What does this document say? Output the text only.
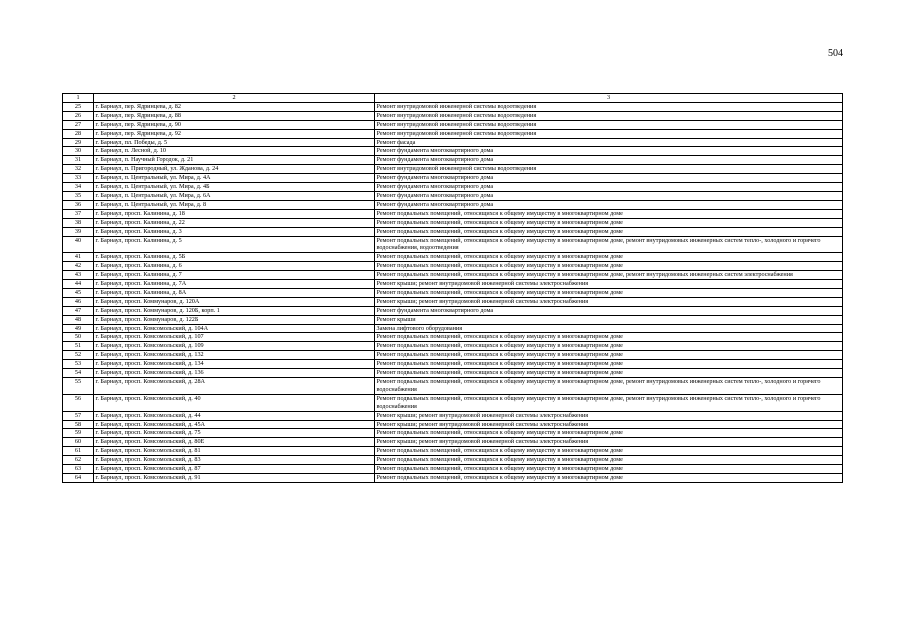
504
1	2	3
25	г. Барнаул, пер. Ядринцева, д. 82	Ремонт внутридомовой инженерной системы водоотведения
26	г. Барнаул, пер. Ядринцева, д. 88	Ремонт внутридомовой инженерной системы водоотведения
27	г. Барнаул, пер. Ядринцева, д. 90	Ремонт внутридомовой инженерной системы водоотведения
28	г. Барнаул, пер. Ядринцева, д. 92	Ремонт внутридомовой инженерной системы водоотведения
29	г. Барнаул, пл. Победы, д. 5	Ремонт фасада
30	г. Барнаул, п. Лесной, д. 10	Ремонт фундамента многоквартирного дома
31	г. Барнаул, п. Научный Городок, д. 21	Ремонт фундамента многоквартирного дома
32	г. Барнаул, п. Пригородный, ул. Жданова, д. 24	Ремонт внутридомовой инженерной системы водоотведения
33	г. Барнаул, п. Центральный, ул. Мира, д. 4А	Ремонт фундамента многоквартирного дома
34	г. Барнаул, п. Центральный, ул. Мира, д. 4Б	Ремонт фундамента многоквартирного дома
35	г. Барнаул, п. Центральный, ул. Мира, д. 6А	Ремонт фундамента многоквартирного дома
36	г. Барнаул, п. Центральный, ул. Мира, д. 8	Ремонт фундамента многоквартирного дома
37	г. Барнаул, просп. Калинина, д. 18	Ремонт подвальных помещений, относящихся к общему имуществу в многоквартирном доме
38	г. Барнаул, просп. Калинина, д. 22	Ремонт подвальных помещений, относящихся к общему имуществу в многоквартирном доме
39	г. Барнаул, просп. Калинина, д. 3	Ремонт подвальных помещений, относящихся к общему имуществу в многоквартирном доме
40	г. Барнаул, просп. Калинина, д. 5	Ремонт подвальных помещений, относящихся к общему имуществу в многоквартирном доме, ремонт внутридомовых инженерных систем тепло-, холодного и горячего водоснабжения, водоотведения
41	г. Барнаул, просп. Калинина, д. 5Б	Ремонт подвальных помещений, относящихся к общему имуществу в многоквартирном доме
42	г. Барнаул, просп. Калинина, д. 6	Ремонт подвальных помещений, относящихся к общему имуществу в многоквартирном доме
43	г. Барнаул, просп. Калинина, д. 7	Ремонт подвальных помещений, относящихся к общему имуществу в многоквартирном доме, ремонт внутридомовых инженерных систем электроснабжения
44	г. Барнаул, просп. Калинина, д. 7А	Ремонт крыши; ремонт внутридомовой инженерной системы электроснабжения
45	г. Барнаул, просп. Калинина, д. 8А	Ремонт подвальных помещений, относящихся к общему имуществу в многоквартирном доме
46	г. Барнаул, просп. Коммунаров, д. 120А	Ремонт крыши; ремонт внутридомовой инженерной системы электроснабжения
47	г. Барнаул, просп. Коммунаров, д. 120Б, корп. 1	Ремонт фундамента многоквартирного дома
48	г. Барнаул, просп. Коммунаров, д. 122Б	Ремонт крыши
49	г. Барнаул, просп. Комсомольский, д. 104А	Замена лифтового оборудования
50	г. Барнаул, просп. Комсомольский, д. 107	Ремонт подвальных помещений, относящихся к общему имуществу в многоквартирном доме
51	г. Барнаул, просп. Комсомольский, д. 109	Ремонт подвальных помещений, относящихся к общему имуществу в многоквартирном доме
52	г. Барнаул, просп. Комсомольский, д. 132	Ремонт подвальных помещений, относящихся к общему имуществу в многоквартирном доме
53	г. Барнаул, просп. Комсомольский, д. 134	Ремонт подвальных помещений, относящихся к общему имуществу в многоквартирном доме
54	г. Барнаул, просп. Комсомольский, д. 136	Ремонт подвальных помещений, относящихся к общему имуществу в многоквартирном доме
55	г. Барнаул, просп. Комсомольский, д. 28А	Ремонт подвальных помещений, относящихся к общему имуществу в многоквартирном доме, ремонт внутридомовых инженерных систем тепло-, холодного и горячего водоснабжения
56	г. Барнаул, просп. Комсомольский, д. 40	Ремонт подвальных помещений, относящихся к общему имуществу в многоквартирном доме, ремонт внутридомовых инженерных систем тепло-, холодного и горячего водоснабжения
57	г. Барнаул, просп. Комсомольский, д. 44	Ремонт крыши; ремонт внутридомовой инженерной системы электроснабжения
58	г. Барнаул, просп. Комсомольский, д. 45А	Ремонт крыши; ремонт внутридомовой инженерной системы электроснабжения
59	г. Барнаул, просп. Комсомольский, д. 75	Ремонт подвальных помещений, относящихся к общему имуществу в многоквартирном доме
60	г. Барнаул, просп. Комсомольский, д. 80Е	Ремонт крыши; ремонт внутридомовой инженерной системы электроснабжения
61	г. Барнаул, просп. Комсомольский, д. 81	Ремонт подвальных помещений, относящихся к общему имуществу в многоквартирном доме
62	г. Барнаул, просп. Комсомольский, д. 83	Ремонт подвальных помещений, относящихся к общему имуществу в многоквартирном доме
63	г. Барнаул, просп. Комсомольский, д. 87	Ремонт подвальных помещений, относящихся к общему имуществу в многоквартирном доме
64	г. Барнаул, просп. Комсомольский, д. 91	Ремонт подвальных помещений, относящихся к общему имуществу в многоквартирном доме
